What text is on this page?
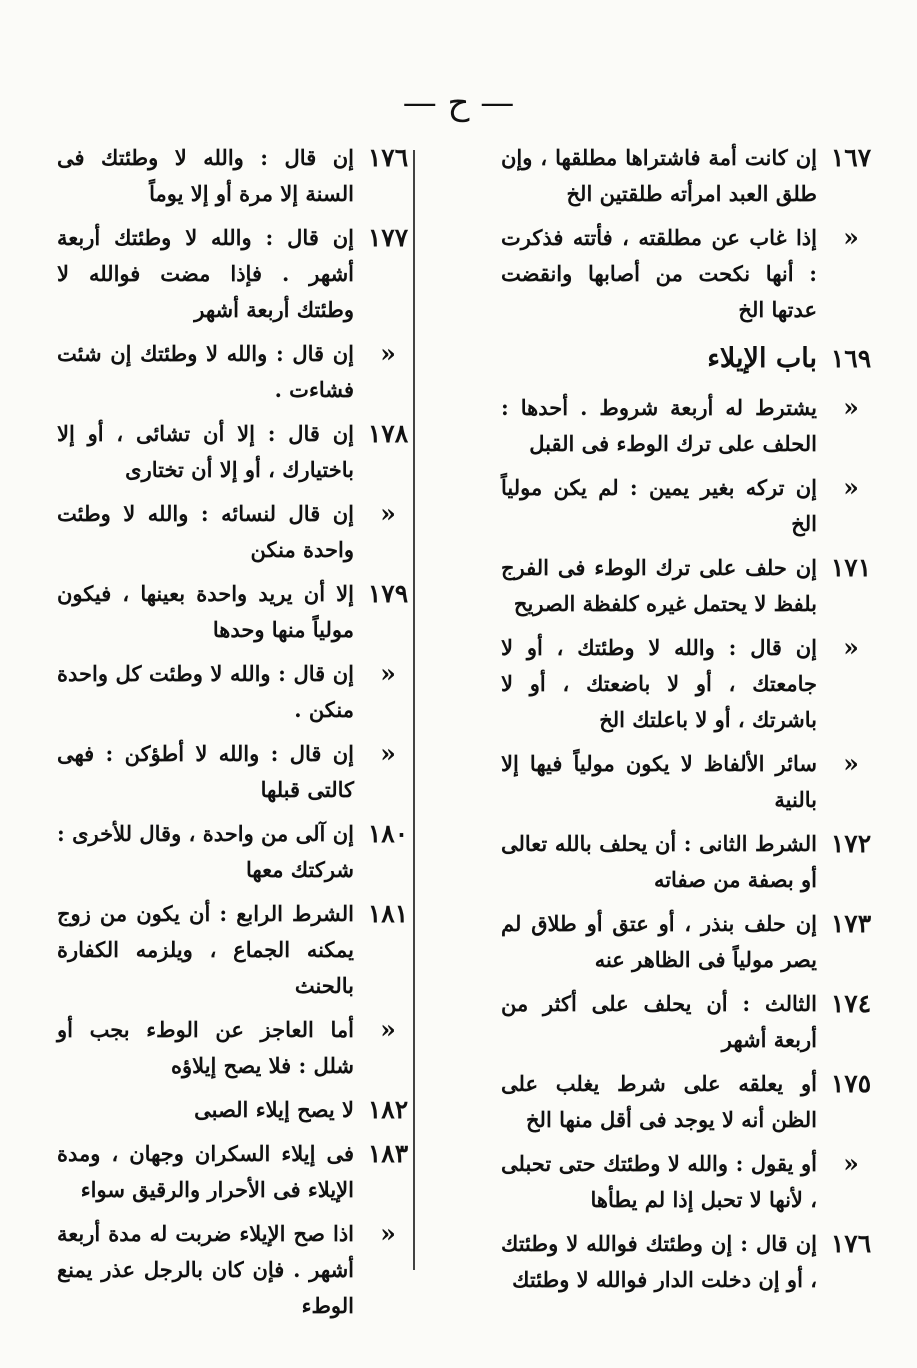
— ح —
١٦٧
إن كانت أمة فاشتراها مطلقها ، وإن طلق العبد امرأته طلقتين الخ
«
إذا غاب عن مطلقته ، فأتته فذكرت : أنها نكحت من أصابها وانقضت عدتها الخ
١٦٩
باب الإيلاء
«
يشترط له أربعة شروط . أحدها : الحلف على ترك الوطء فى القبل
«
إن تركه بغير يمين : لم يكن مولياً الخ
١٧١
إن حلف على ترك الوطء فى الفرج بلفظ لا يحتمل غيره كلفظة الصريح
«
إن قال : والله لا وطئتك ، أو لا جامعتك ، أو لا باضعتك ، أو لا باشرتك ، أو لا باعلتك الخ
«
سائر الألفاظ لا يكون مولياً فيها إلا بالنية
١٧٢
الشرط الثانى : أن يحلف بالله تعالى أو بصفة من صفاته
١٧٣
إن حلف بنذر ، أو عتق أو طلاق لم يصر مولياً فى الظاهر عنه
١٧٤
الثالث : أن يحلف على أكثر من أربعة أشهر
١٧٥
أو يعلقه على شرط يغلب على الظن أنه لا يوجد فى أقل منها الخ
«
أو يقول : والله لا وطئتك حتى تحبلى ، لأنها لا تحبل إذا لم يطأها
١٧٦
إن قال : إن وطئتك فوالله لا وطئتك ، أو إن دخلت الدار فوالله لا وطئتك
١٧٦
إن قال : والله لا وطئتك فى السنة إلا مرة أو إلا يوماً
١٧٧
إن قال : والله لا وطئتك أربعة أشهر . فإذا مضت فوالله لا وطئتك أربعة أشهر
«
إن قال : والله لا وطئتك إن شئت فشاءت .
١٧٨
إن قال : إلا أن تشائى ، أو إلا باختيارك ، أو إلا أن تختارى
«
إن قال لنسائه : والله لا وطئت واحدة منكن
١٧٩
إلا أن يريد واحدة بعينها ، فيكون مولياً منها وحدها
«
إن قال : والله لا وطئت كل واحدة منكن .
«
إن قال : والله لا أطؤكن : فهى كالتى قبلها
١٨٠
إن آلى من واحدة ، وقال للأخرى : شركتك معها
١٨١
الشرط الرابع : أن يكون من زوج يمكنه الجماع ، ويلزمه الكفارة بالحنث
«
أما العاجز عن الوطء بجب أو شلل : فلا يصح إيلاؤه
١٨٢
لا يصح إيلاء الصبى
١٨٣
فى إيلاء السكران وجهان ، ومدة الإيلاء فى الأحرار والرقيق سواء
«
اذا صح الإيلاء ضربت له مدة أربعة أشهر . فإن كان بالرجل عذر يمنع الوطء
